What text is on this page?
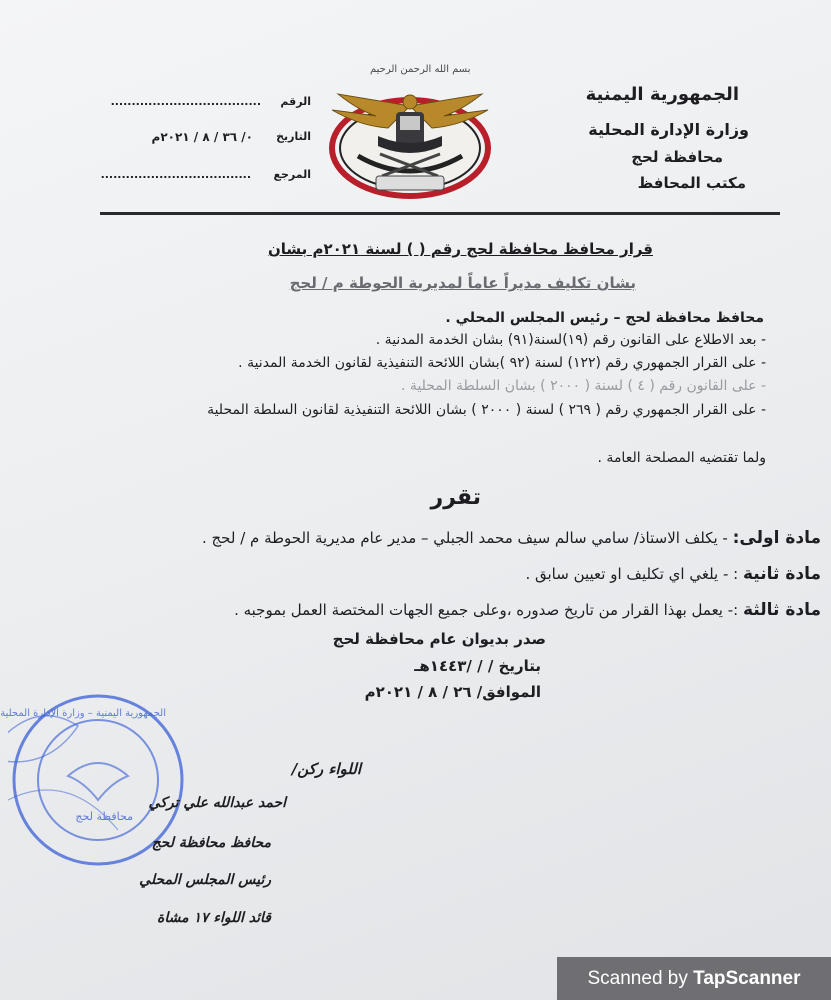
الجمهورية اليمنية
وزارة الإدارة المحلية
محافظة لحج
مكتب المحافظ
بسم الله الرحمن الرحيم
الرقم
....................................
التاريخ
٠/ ٣٦ / ٨ / ٢٠٢١م
المرجع
....................................
قرار محافظ محافظة لحج رقم ( ) لسنة ٢٠٢١م بشان
بشان تكليف مديراً عاماً لمديرية الحوطة م / لحج
محافظ محافظة لحج – رئيس المجلس المحلي .
- بعد الاطلاع على القانون رقم (١٩)لسنة(٩١) بشان الخدمة المدنية .
- على القرار الجمهوري رقم (١٢٢) لسنة (٩٢ )بشان اللائحة التنفيذية لقانون الخدمة المدنية .
- على القانون رقم ( ٤ ) لسنة ( ٢٠٠٠ ) بشان السلطة المحلية .
- على القرار الجمهوري رقم ( ٢٦٩ ) لسنة ( ٢٠٠٠ ) بشان اللائحة التنفيذية لقانون السلطة المحلية
ولما تقتضيه المصلحة العامة .
تقرر
مادة اولى: - يكلف الاستاذ/ سامي سالم سيف محمد الجبلي – مدير عام مديرية الحوطة م / لحج .
مادة ثانية : - يلغي اي تكليف او تعيين سابق .
مادة ثالثة :- يعمل بهذا القرار من تاريخ صدوره ،وعلى جميع الجهات المختصة العمل بموجبه .
صدر بديوان عام محافظة لحج
بتاريخ / / /١٤٤٣هـ
الموافق/ ٢٦ / ٨ / ٢٠٢١م
الجمهورية اليمنية – وزارة الإدارة المحلية
محافظة لحج
اللواء ركن/
احمد عبدالله علي تركي
محافظ محافظة لحج
رئيس المجلس المحلي
قائد اللواء ١٧ مشاة
Scanned by TapScanner
